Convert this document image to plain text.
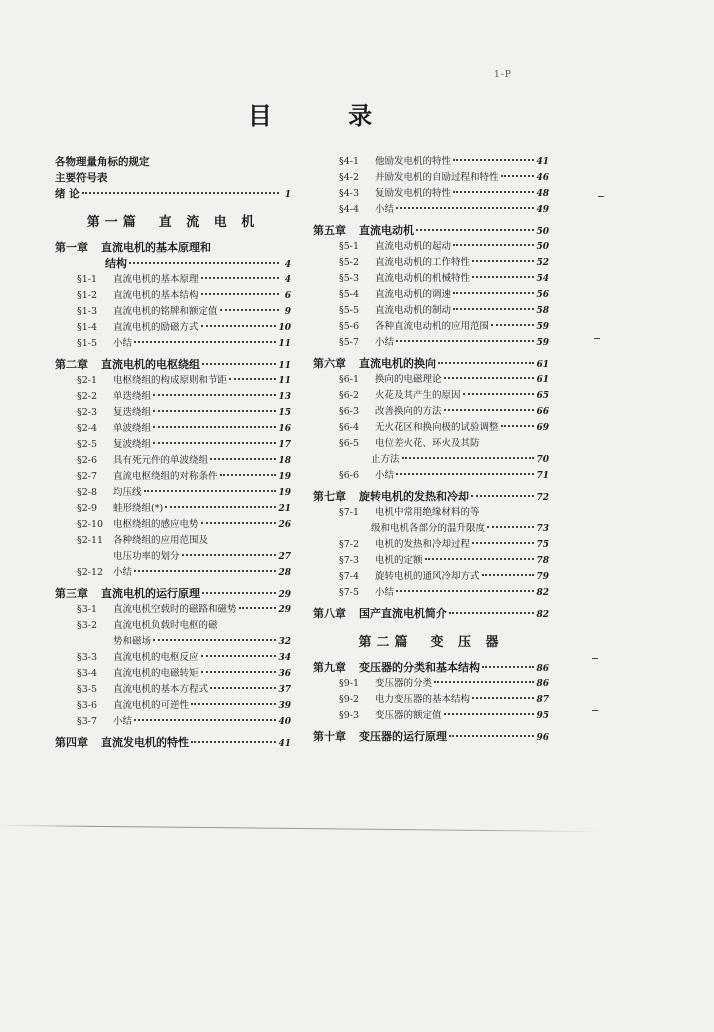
1-P
目 录
各物理量角标的规定
主要符号表
绪 论	1
第一篇　直 流 电 机
第一章	直流电机的基本原理和
结构	4
§1-1	直流电机的基本原理	4
§1-2	直流电机的基本结构	6
§1-3	直流电机的铭牌和额定值	9
§1-4	直流电机的励磁方式	10
§1-5	小结	11
第二章	直流电机的电枢绕组	11
§2-1	电枢绕组的构成原则和节距	11
§2-2	单迭绕组	13
§2-3	复迭绕组	15
§2-4	单波绕组	16
§2-5	复波绕组	17
§2-6	具有死元件的单波绕组	18
§2-7	直流电枢绕组的对称条件	19
§2-8	均压线	19
§2-9	蛙形绕组(*)	21
§2-10	电枢绕组的感应电势	26
§2-11	各种绕组的应用范围及
电压功率的划分	27
§2-12	小结	28
第三章	直流电机的运行原理	29
§3-1	直流电机空载时的磁路和磁势	29
§3-2	直流电机负载时电枢的磁
势和磁场	32
§3-3	直流电机的电枢反应	34
§3-4	直流电机的电磁转矩	36
§3-5	直流电机的基本方程式	37
§3-6	直流电机的可逆性	39
§3-7	小结	40
第四章	直流发电机的特性	41
§4-1	他励发电机的特性	41
§4-2	并励发电机的自励过程和特性	46
§4-3	复励发电机的特性	48
§4-4	小结	49
第五章	直流电动机	50
§5-1	直流电动机的起动	50
§5-2	直流电动机的工作特性	52
§5-3	直流电动机的机械特性	54
§5-4	直流电动机的调速	56
§5-5	直流电动机的制动	58
§5-6	各种直流电动机的应用范围	59
§5-7	小结	59
第六章	直流电机的换向	61
§6-1	换向的电磁理论	61
§6-2	火花及其产生的原因	65
§6-3	改善换向的方法	66
§6-4	无火花区和换向极的试验调整	69
§6-5	电位差火花、环火及其防
止方法	70
§6-6	小结	71
第七章	旋转电机的发热和冷却	72
§7-1	电机中常用绝缘材料的等
级和电机各部分的温升限度	73
§7-2	电机的发热和冷却过程	75
§7-3	电机的定额	78
§7-4	旋转电机的通风冷却方式	79
§7-5	小结	82
第八章	国产直流电机简介	82
第二篇　变 压 器
第九章	变压器的分类和基本结构	86
§9-1	变压器的分类	86
§9-2	电力变压器的基本结构	87
§9-3	变压器的额定值	95
第十章	变压器的运行原理	96
